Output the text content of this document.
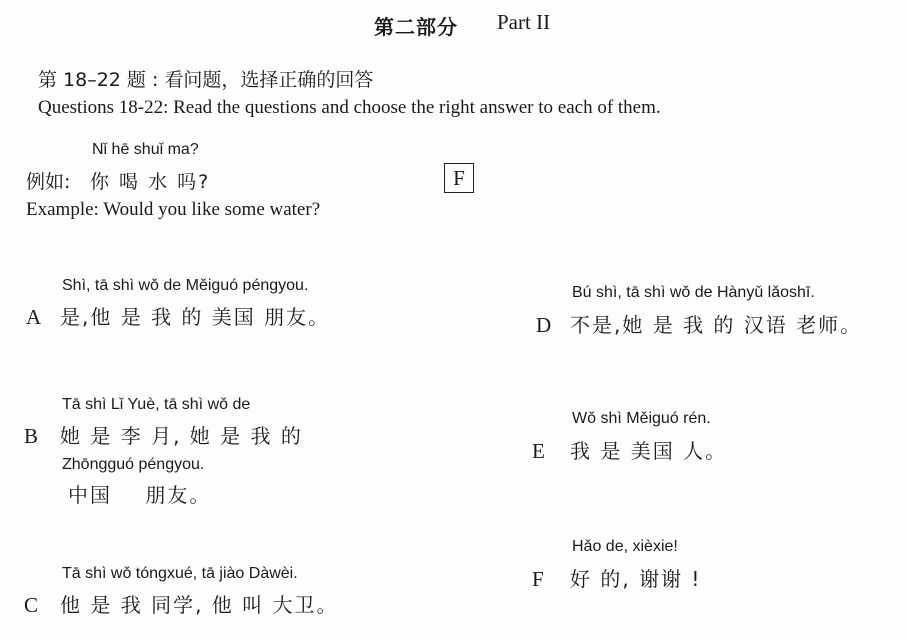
第二部分 Part II
第 18–22 题 : 看问题，选择正确的回答
Questions 18-22: Read the questions and choose the right answer to each of them.
Nǐ hē shuǐ ma?
例如: 你 喝 水 吗?	F
Example: Would you like some water?
Shì, tā shì wǒ de Měiguó péngyou.
A 是,他 是 我 的 美国 朋友。
Tā shì Lǐ Yuè, tā shì wǒ de
B 她 是 李 月, 她 是 我 的
Zhōngguó péngyou.
中国    朋友。
Tā shì wǒ tóngxué, tā jiào Dàwèi.
C 他 是 我 同学, 他 叫 大卫。
Bú shì, tā shì wǒ de Hànyǔ lǎoshī.
D 不是,她 是 我 的 汉语 老师。
Wǒ shì Měiguó rén.
E 我 是 美国 人。
Hǎo de, xièxie!
F 好 的, 谢谢 !
